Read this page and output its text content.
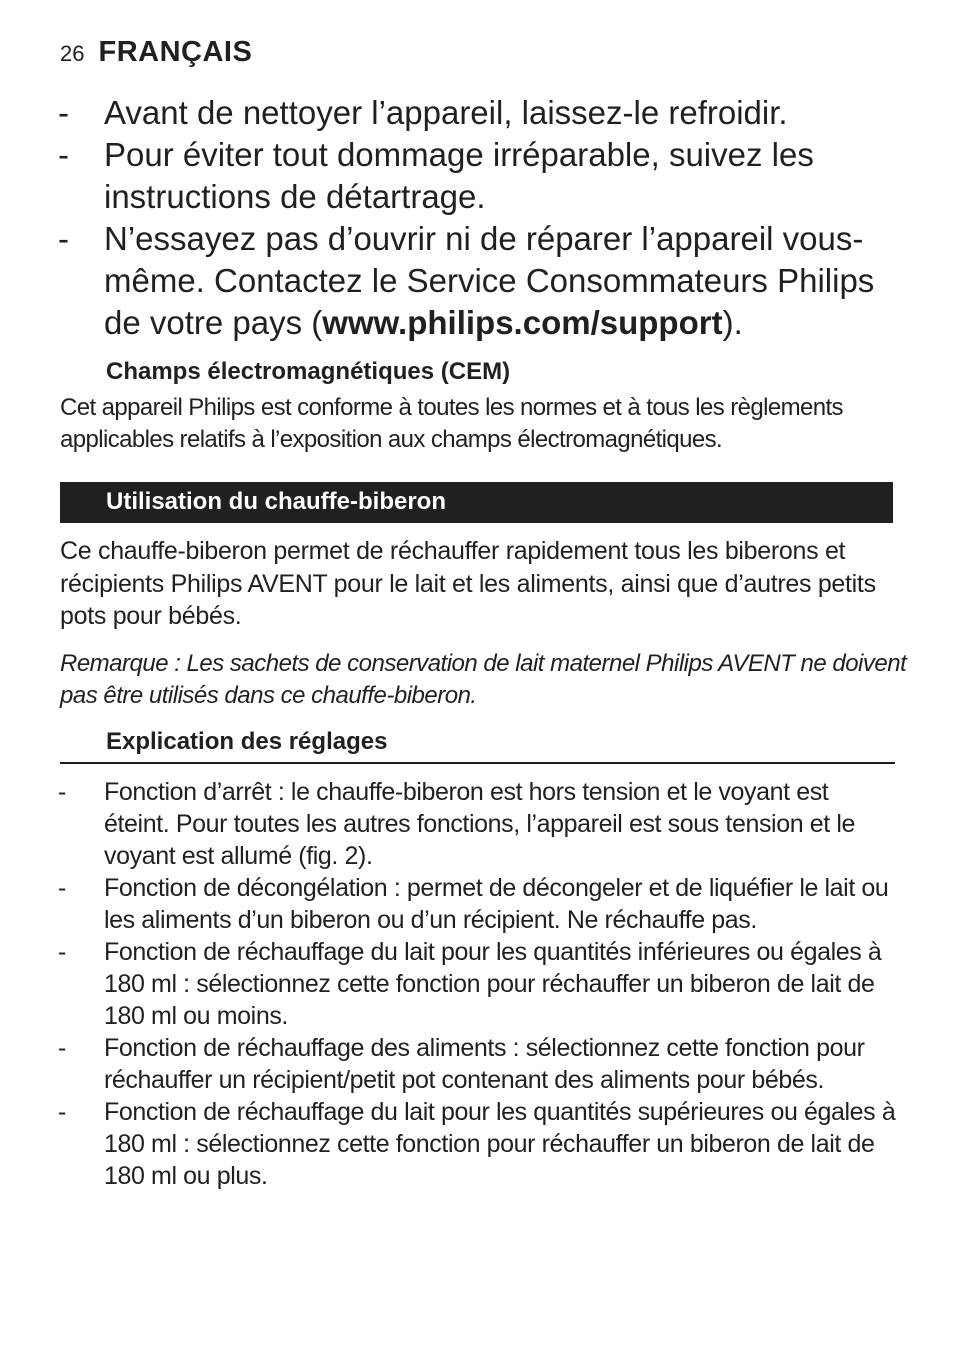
26 FRANÇAIS
- Avant de nettoyer l’appareil, laissez-le refroidir.
- Pour éviter tout dommage irréparable, suivez les instructions de détartrage.
- N’essayez pas d’ouvrir ni de réparer l’appareil vous-même. Contactez le Service Consommateurs Philips de votre pays (www.philips.com/support).
Champs électromagnétiques (CEM)
Cet appareil Philips est conforme à toutes les normes et à tous les règlements applicables relatifs à l’exposition aux champs électromagnétiques.
Utilisation du chauffe-biberon
Ce chauffe-biberon permet de réchauffer rapidement tous les biberons et récipients Philips AVENT pour le lait et les aliments, ainsi que d’autres petits pots pour bébés.
Remarque : Les sachets de conservation de lait maternel Philips AVENT ne doivent pas être utilisés dans ce chauffe-biberon.
Explication des réglages
- Fonction d’arrêt : le chauffe-biberon est hors tension et le voyant est éteint. Pour toutes les autres fonctions, l’appareil est sous tension et le voyant est allumé (fig. 2).
- Fonction de décongélation : permet de décongeler et de liquéfier le lait ou les aliments d’un biberon ou d’un récipient. Ne réchauffe pas.
- Fonction de réchauffage du lait pour les quantités inférieures ou égales à 180 ml : sélectionnez cette fonction pour réchauffer un biberon de lait de 180 ml ou moins.
- Fonction de réchauffage des aliments : sélectionnez cette fonction pour réchauffer un récipient/petit pot contenant des aliments pour bébés.
- Fonction de réchauffage du lait pour les quantités supérieures ou égales à 180 ml : sélectionnez cette fonction pour réchauffer un biberon de lait de 180 ml ou plus.
